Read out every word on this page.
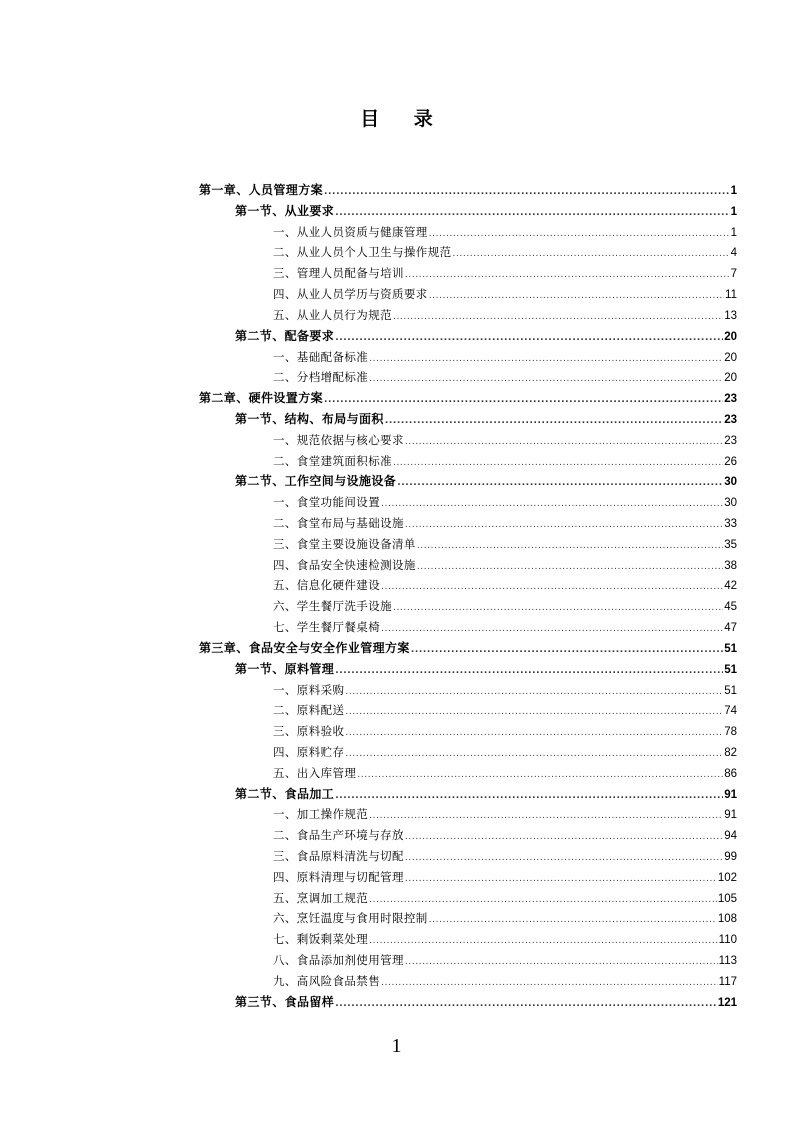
目 录
第一章、人员管理方案 .....	1
第一节、从业要求 .....	1
一、从业人员资质与健康管理 .....	1
二、从业人员个人卫生与操作规范 .....	4
三、管理人员配备与培训 .....	7
四、从业人员学历与资质要求 .....	11
五、从业人员行为规范 .....	13
第二节、配备要求 .....	20
一、基础配备标准 .....	20
二、分档增配标准 .....	20
第二章、硬件设置方案 .....	23
第一节、结构、布局与面积 .....	23
一、规范依据与核心要求 .....	23
二、食堂建筑面积标准 .....	26
第二节、工作空间与设施设备 .....	30
一、食堂功能间设置 .....	30
二、食堂布局与基础设施 .....	33
三、食堂主要设施设备清单 .....	35
四、食品安全快速检测设施 .....	38
五、信息化硬件建设 .....	42
六、学生餐厅洗手设施 .....	45
七、学生餐厅餐桌椅 .....	47
第三章、食品安全与安全作业管理方案 .....	51
第一节、原料管理 .....	51
一、原料采购 .....	51
二、原料配送 .....	74
三、原料验收 .....	78
四、原料贮存 .....	82
五、出入库管理 .....	86
第二节、食品加工 .....	91
一、加工操作规范 .....	91
二、食品生产环境与存放 .....	94
三、食品原料清洗与切配 .....	99
四、原料清理与切配管理 .....	102
五、烹调加工规范 .....	105
六、烹饪温度与食用时限控制 .....	108
七、剩饭剩菜处理 .....	110
八、食品添加剂使用管理 .....	113
九、高风险食品禁售 .....	117
第三节、食品留样 .....	121
1
